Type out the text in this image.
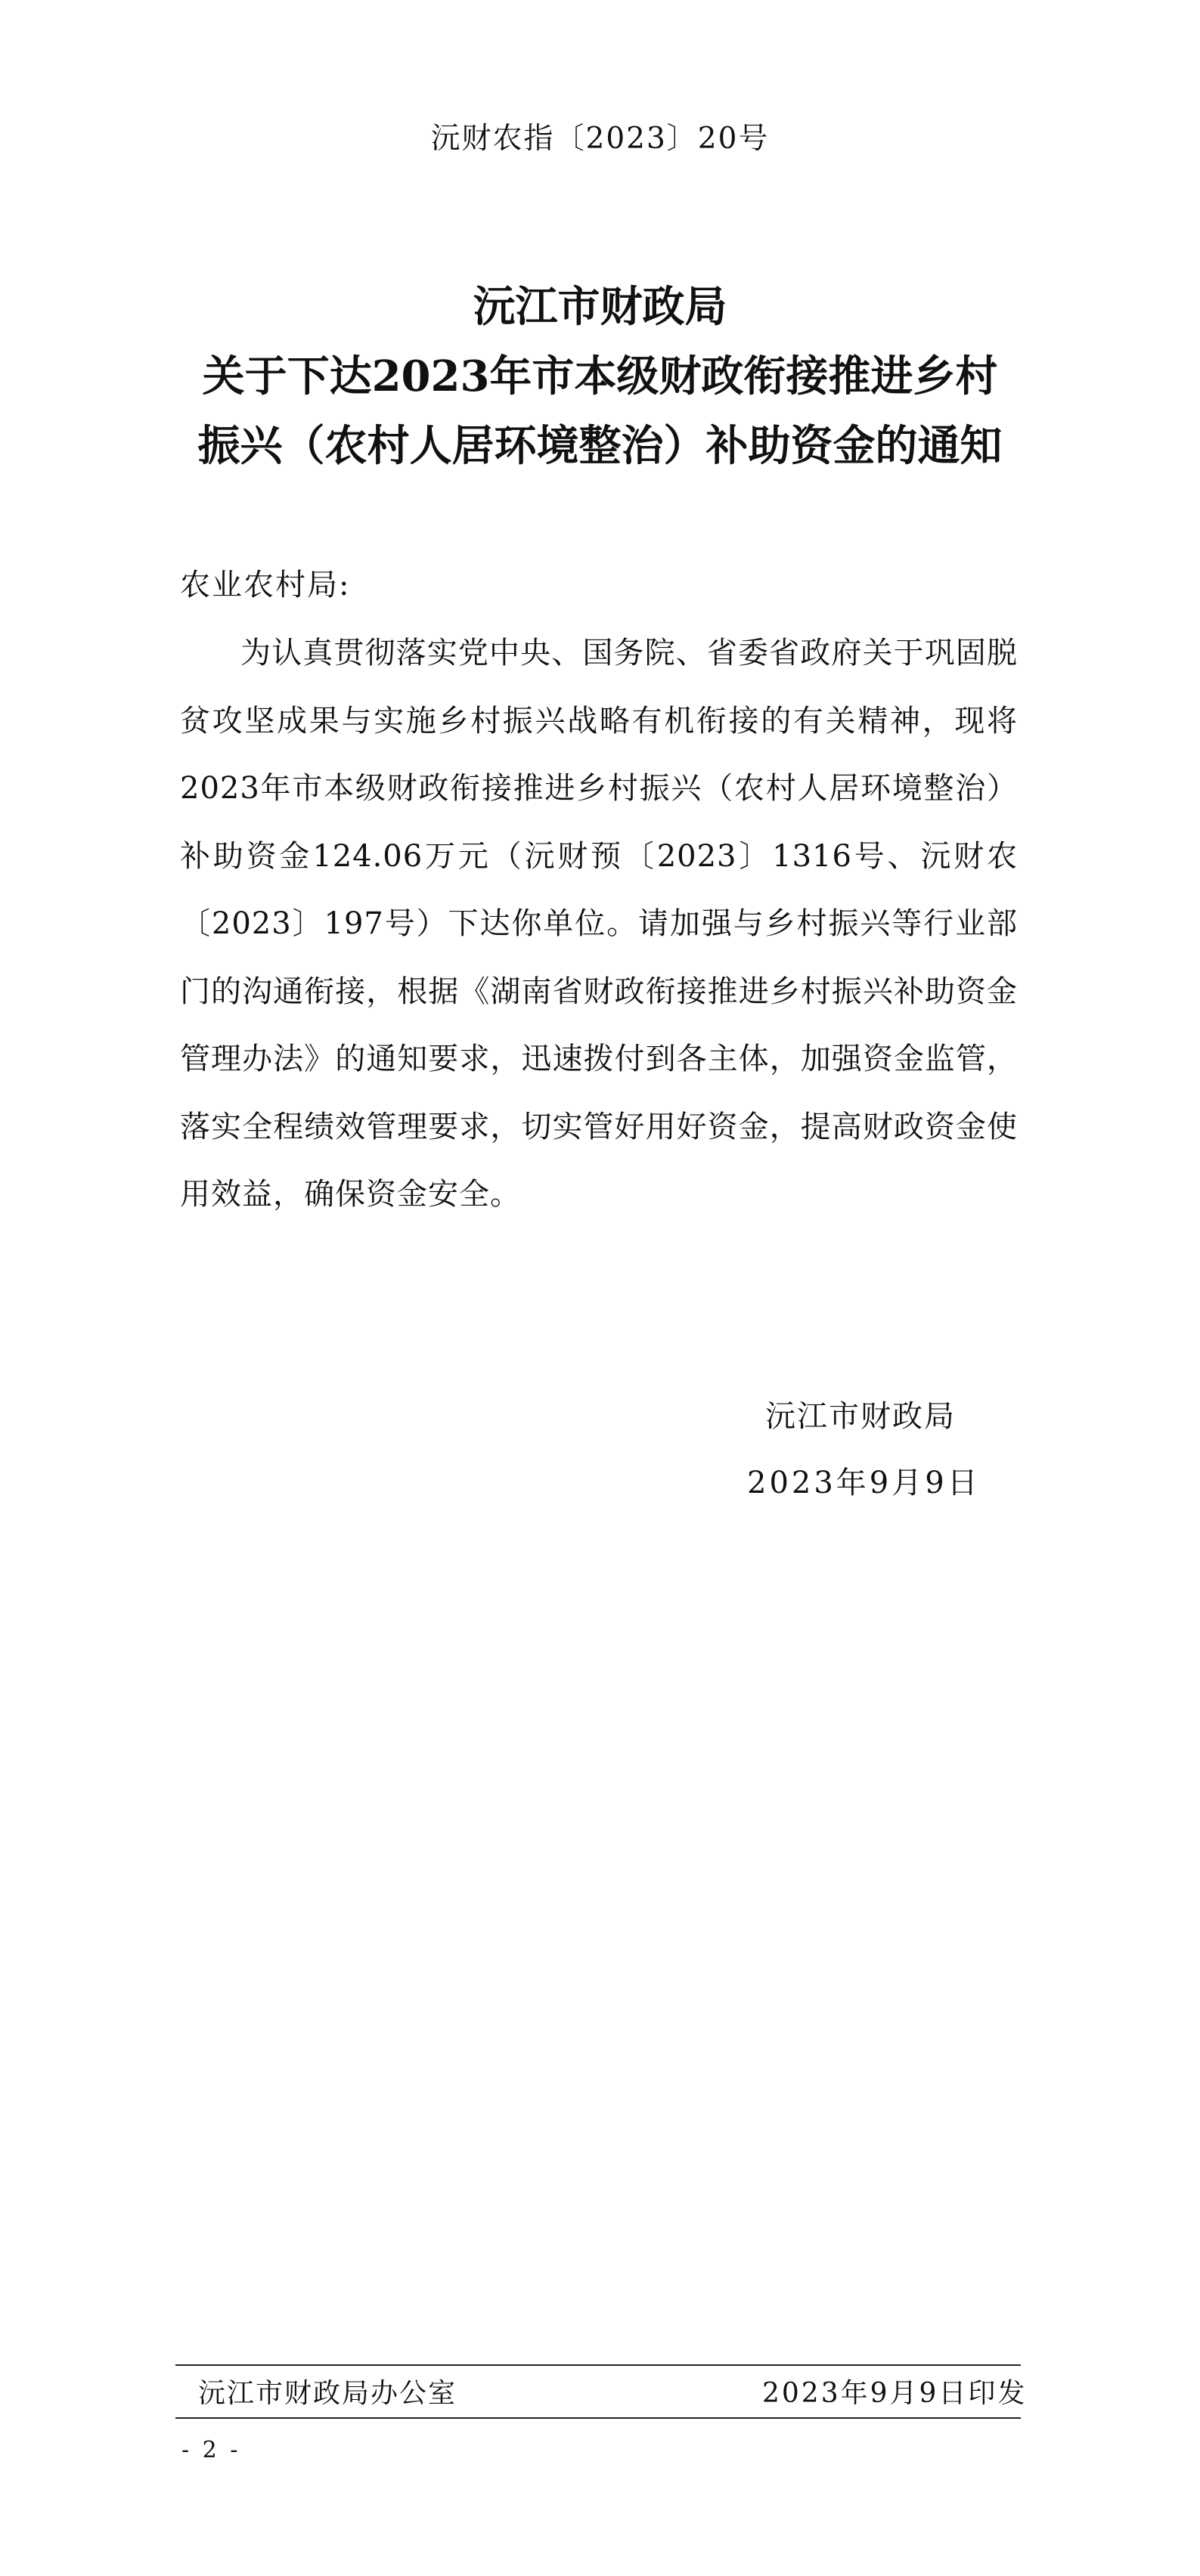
沅财农指〔2023〕20号
沅江市财政局
关于下达2023年市本级财政衔接推进乡村
振兴（农村人居环境整治）补助资金的通知
农业农村局:

为认真贯彻落实党中央、国务院、省委省政府关于巩固脱贫攻坚成果与实施乡村振兴战略有机衔接的有关精神，现将2023年市本级财政衔接推进乡村振兴（农村人居环境整治）补助资金124.06万元（沅财预〔2023〕1316号、沅财农〔2023〕197号）下达你单位。请加强与乡村振兴等行业部门的沟通衔接，根据《湖南省财政衔接推进乡村振兴补助资金管理办法》的通知要求，迅速拨付到各主体，加强资金监管，落实全程绩效管理要求，切实管好用好资金，提高财政资金使用效益，确保资金安全。

沅江市财政局
2023年9月9日
沅江市财政局办公室	2023年9月9日印发
- 2 -
